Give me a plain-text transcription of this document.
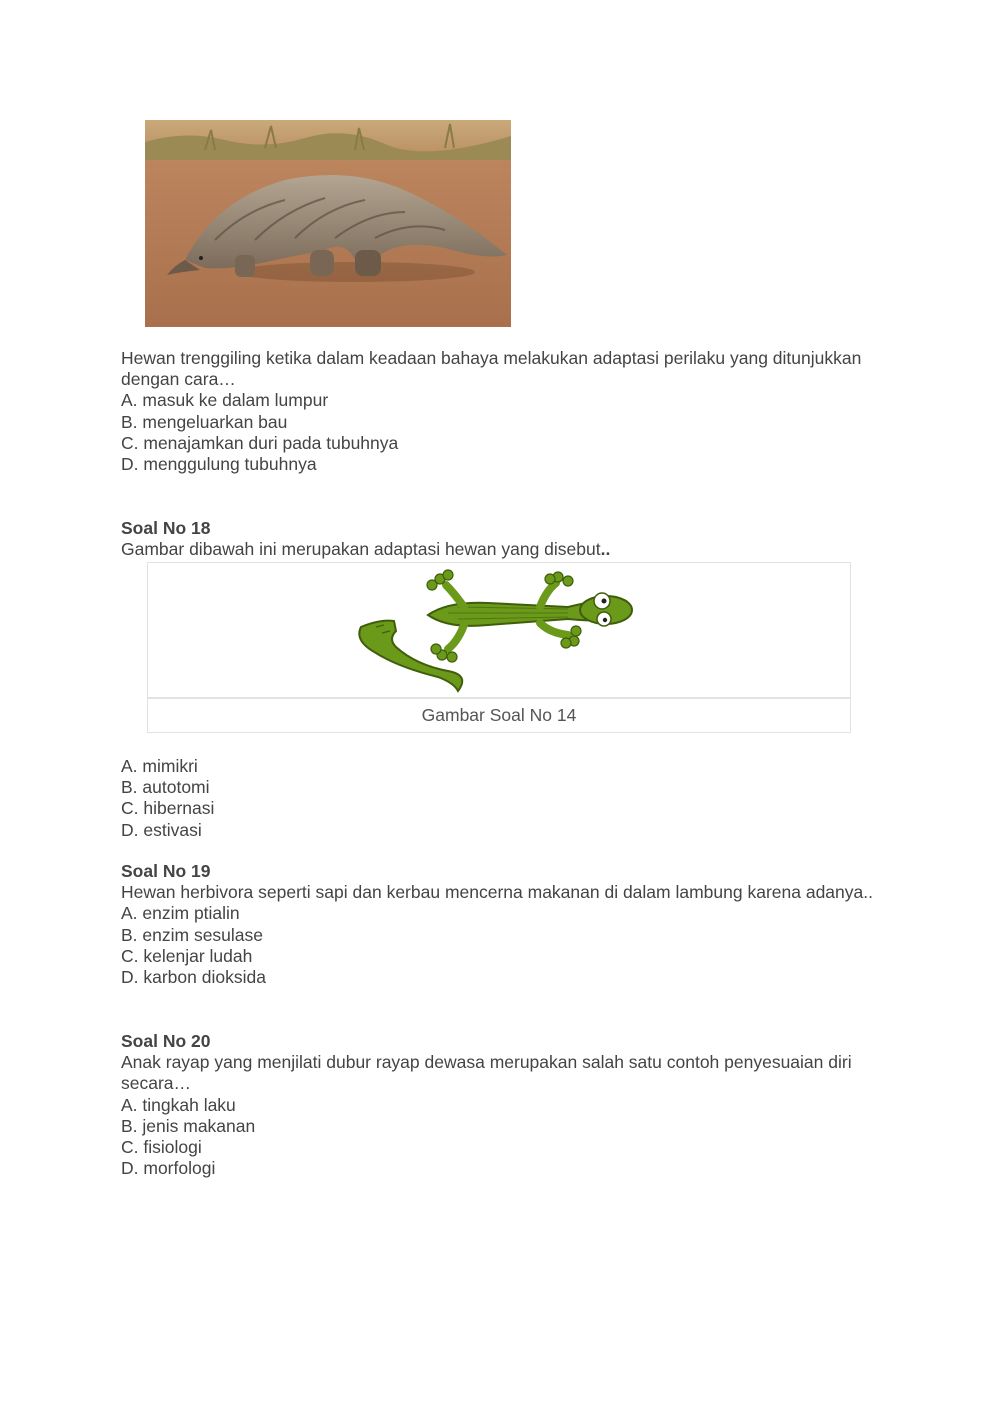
Hewan trenggiling ketika dalam keadaan bahaya melakukan adaptasi perilaku yang ditunjukkan dengan cara…
A. masuk ke dalam lumpur
B. mengeluarkan bau
C. menajamkan duri pada tubuhnya
D. menggulung tubuhnya
Soal No 18
Gambar dibawah ini merupakan adaptasi hewan yang disebut..
Gambar Soal No 14
A. mimikri
B. autotomi
C. hibernasi
D. estivasi
Soal No 19
Hewan herbivora seperti sapi dan kerbau mencerna makanan di dalam lambung karena adanya..
A. enzim ptialin
B. enzim sesulase
C. kelenjar ludah
D. karbon dioksida
Soal No 20
Anak rayap yang menjilati dubur rayap dewasa merupakan salah satu contoh penyesuaian diri secara…
A. tingkah laku
B. jenis makanan
C. fisiologi
D. morfologi
